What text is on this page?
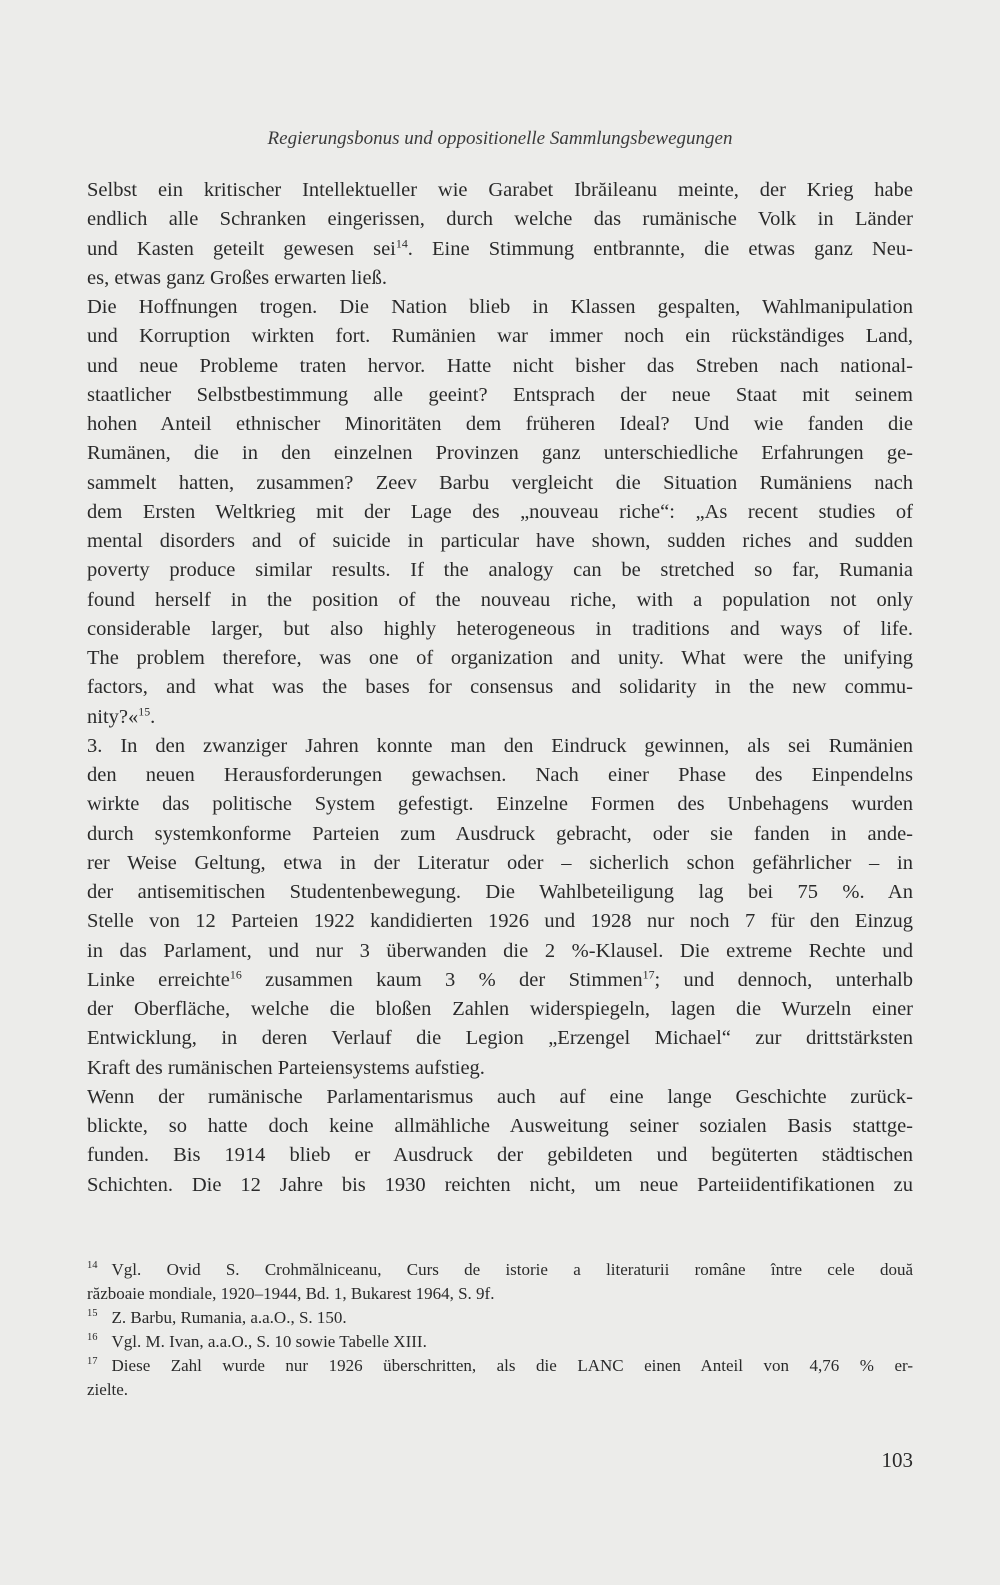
Regierungsbonus und oppositionelle Sammlungsbewegungen
Selbst ein kritischer Intellektueller wie Garabet Ibrăileanu meinte, der Krieg habe
endlich alle Schranken eingerissen, durch welche das rumänische Volk in Länder
und Kasten geteilt gewesen sei$^{14}$. Eine Stimmung entbrannte, die etwas ganz Neu-
es, etwas ganz Großes erwarten ließ.
Die Hoffnungen trogen. Die Nation blieb in Klassen gespalten, Wahlmanipulation
und Korruption wirkten fort. Rumänien war immer noch ein rückständiges Land,
und neue Probleme traten hervor. Hatte nicht bisher das Streben nach national-
staatlicher Selbstbestimmung alle geeint? Entsprach der neue Staat mit seinem
hohen Anteil ethnischer Minoritäten dem früheren Ideal? Und wie fanden die
Rumänen, die in den einzelnen Provinzen ganz unterschiedliche Erfahrungen ge-
sammelt hatten, zusammen? Zeev Barbu vergleicht die Situation Rumäniens nach
dem Ersten Weltkrieg mit der Lage des „nouveau riche“: „As recent studies of
mental disorders and of suicide in particular have shown, sudden riches and sudden
poverty produce similar results. If the analogy can be stretched so far, Rumania
found herself in the position of the nouveau riche, with a population not only
considerable larger, but also highly heterogeneous in traditions and ways of life.
The problem therefore, was one of organization and unity. What were the unifying
factors, and what was the bases for consensus and solidarity in the new commu-
nity?«$^{15}$.
3. In den zwanziger Jahren konnte man den Eindruck gewinnen, als sei Rumänien
den neuen Herausforderungen gewachsen. Nach einer Phase des Einpendelns
wirkte das politische System gefestigt. Einzelne Formen des Unbehagens wurden
durch systemkonforme Parteien zum Ausdruck gebracht, oder sie fanden in ande-
rer Weise Geltung, etwa in der Literatur oder – sicherlich schon gefährlicher – in
der antisemitischen Studentenbewegung. Die Wahlbeteiligung lag bei 75 %. An
Stelle von 12 Parteien 1922 kandidierten 1926 und 1928 nur noch 7 für den Einzug
in das Parlament, und nur 3 überwanden die 2 %-Klausel. Die extreme Rechte und
Linke erreichte$^{16}$ zusammen kaum 3 % der Stimmen$^{17}$; und dennoch, unterhalb
der Oberfläche, welche die bloßen Zahlen widerspiegeln, lagen die Wurzeln einer
Entwicklung, in deren Verlauf die Legion „Erzengel Michael“ zur drittstärksten
Kraft des rumänischen Parteiensystems aufstieg.
Wenn der rumänische Parlamentarismus auch auf eine lange Geschichte zurück-
blickte, so hatte doch keine allmähliche Ausweitung seiner sozialen Basis stattge-
funden. Bis 1914 blieb er Ausdruck der gebildeten und begüterten städtischen
Schichten. Die 12 Jahre bis 1930 reichten nicht, um neue Parteiidentifikationen zu
$^{14}$ Vgl. Ovid S. Crohmălniceanu, Curs de istorie a literaturii române între cele două
războaie mondiale, 1920–1944, Bd. 1, Bukarest 1964, S. 9f.
$^{15}$ Z. Barbu, Rumania, a.a.O., S. 150.
$^{16}$ Vgl. M. Ivan, a.a.O., S. 10 sowie Tabelle XIII.
$^{17}$ Diese Zahl wurde nur 1926 überschritten, als die LANC einen Anteil von 4,76 % er-
zielte.
103
